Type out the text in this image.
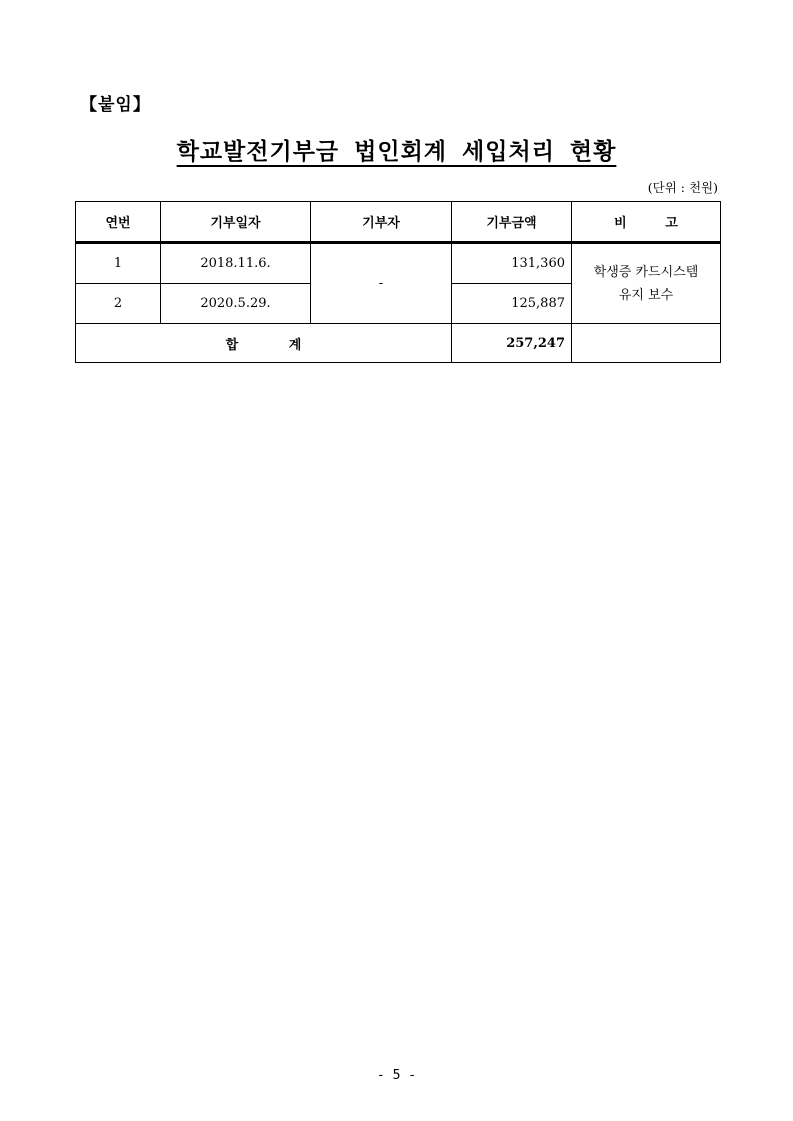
【붙임】
학교발전기부금 법인회계 세입처리 현황
(단위 : 천원)
연번	기부일자	기부자	기부금액	비 고
1	2018.11.6.	-	131,360	학생증 카드시스템
유지 보수

2	2020.5.29.		125,887	
합 계			257,247	
- 5 -
